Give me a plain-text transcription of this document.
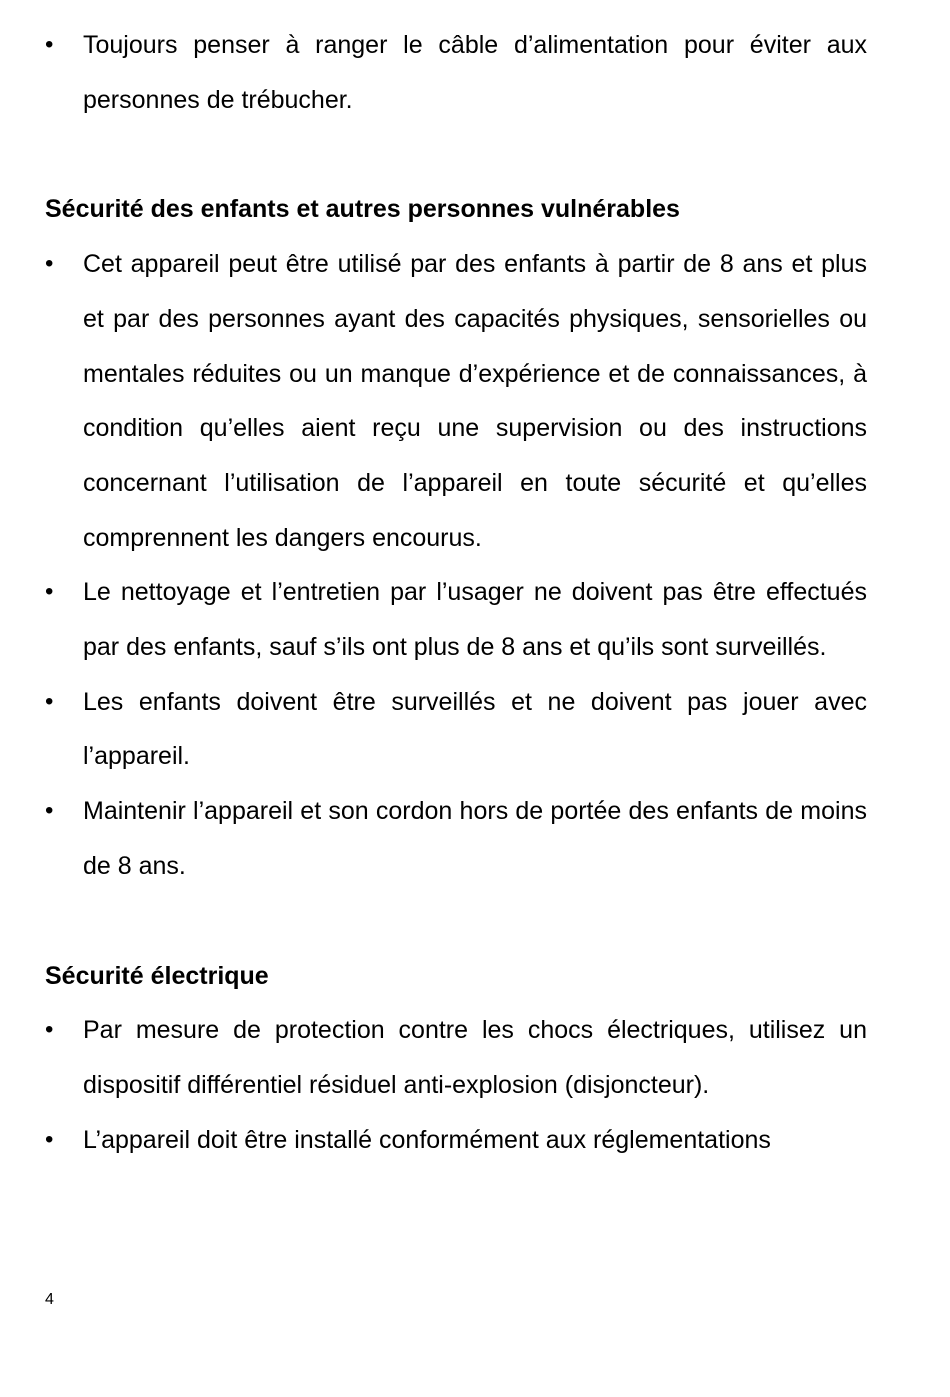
•	Toujours penser à ranger le câble d’alimentation pour éviter aux personnes de trébucher.
Sécurité des enfants et autres personnes vulnérables
•	Cet appareil peut être utilisé par des enfants à partir de 8 ans et plus et par des personnes ayant des capacités physiques, sensorielles ou mentales réduites ou un manque d’expérience et de connaissances, à condition qu’elles aient reçu une supervision ou des instructions concernant l’utilisation de l’appareil en toute sécurité et qu’elles comprennent les dangers encourus.
•	Le nettoyage et l’entretien par l’usager ne doivent pas être effectués par des enfants, sauf s’ils ont plus de 8 ans et qu’ils sont surveillés.
•	Les enfants doivent être surveillés et ne doivent pas jouer avec l’appareil.
•	Maintenir l’appareil et son cordon hors de portée des enfants de moins de 8 ans.
Sécurité électrique
•	Par mesure de protection contre les chocs électriques, utilisez un dispositif différentiel résiduel anti-explosion (disjoncteur).
•	L’appareil doit être installé conformément aux réglementations
4
